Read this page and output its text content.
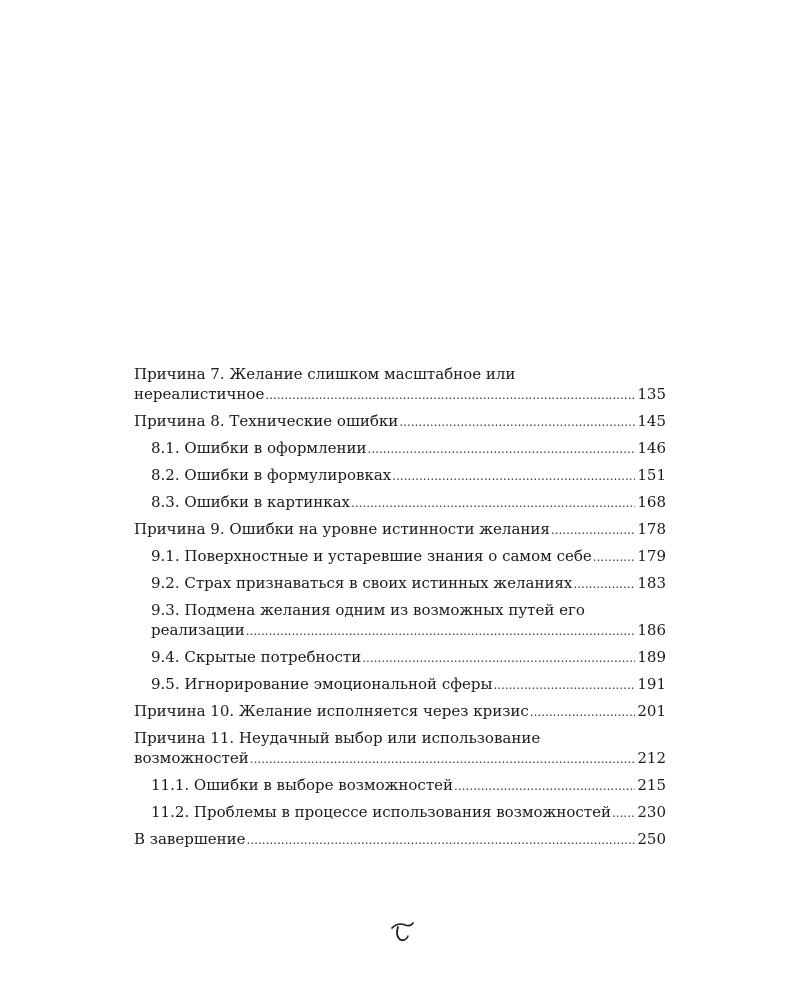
Причина 7. Желание слишком масштабное или
нереалистичное .....	135
Причина 8. Технические ошибки .....	145
8.1. Ошибки в оформлении .....	146
8.2. Ошибки в формулировках .....	151
8.3. Ошибки в картинках .....	168
Причина 9. Ошибки на уровне истинности желания .....	178
9.1. Поверхностные и устаревшие знания о самом себе .....	179
9.2. Страх признаваться в своих истинных желаниях .....	183
9.3. Подмена желания одним из возможных путей его
реализации .....	186
9.4. Скрытые потребности .....	189
9.5. Игнорирование эмоциональной сферы .....	191
Причина 10. Желание исполняется через кризис .....	201
Причина 11. Неудачный выбор или использование
возможностей .....	212
11.1. Ошибки в выборе возможностей .....	215
11.2. Проблемы в процессе использования возможностей ..... 230
В завершение .....	250
